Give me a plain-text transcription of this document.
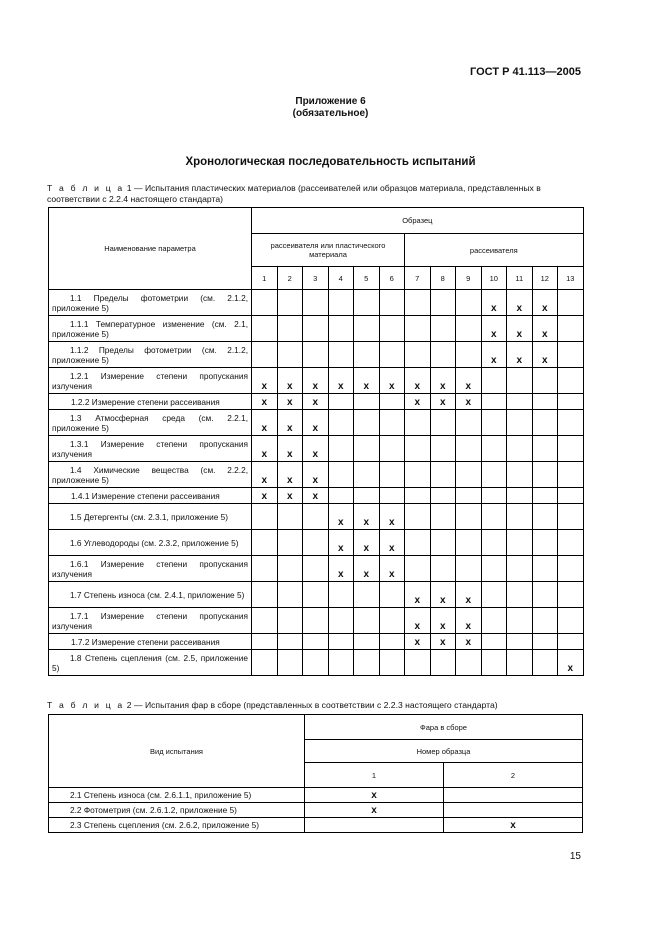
ГОСТ Р 41.113—2005
Приложение 6
(обязательное)
Хронологическая последовательность испытаний
Т а б л и ц а 1 — Испытания пластических материалов (рассеивателей или образцов материала, представленных в соответствии с 2.2.4 настоящего стандарта)
Наименование параметра	Образец												
	рассеивателя или пластического материала						рассеивателя						
	1	2	3	4	5	6	7	8	9	10	11	12	13
1.1 Пределы фотометрии (см. 2.1.2, приложение 5)										x	x	x	
1.1.1 Температурное изменение (см. 2.1, приложение 5)										x	x	x	
1.1.2 Пределы фотометрии (см. 2.1.2, приложение 5)										x	x	x	
1.2.1 Измерение степени пропускания излучения	x	x	x	x	x	x	x	x	x				
1.2.2 Измерение степени рассеивания	x	x	x				x	x	x				
1.3 Атмосферная среда (см. 2.2.1, приложение 5)	x	x	x										
1.3.1 Измерение степени пропускания излучения	x	x	x										
1.4 Химические вещества (см. 2.2.2, приложение 5)	x	x	x										
1.4.1 Измерение степени рассеивания	x	x	x										
1.5 Детергенты (см. 2.3.1, приложение 5)				x	x	x							
1.6 Углеводороды (см. 2.3.2, приложение 5)				x	x	x							
1.6.1 Измерение степени пропускания излучения				x	x	x							
1.7 Степень износа (см. 2.4.1, приложение 5)							x	x	x				
1.7.1 Измерение степени пропускания излучения							x	x	x				
1.7.2 Измерение степени рассеивания							x	x	x				
1.8 Степень сцепления (см. 2.5, приложение 5)													x
Т а б л и ц а 2 — Испытания фар в сборе (представленных в соответствии с 2.2.3 настоящего стандарта)
Вид испытания	Фара в сборе	
	Номер образца	
	1	2
2.1 Степень износа (см. 2.6.1.1, приложение 5)	x	
2.2 Фотометрия (см. 2.6.1.2, приложение 5)	x	
2.3 Степень сцепления (см. 2.6.2, приложение 5)		x
15
